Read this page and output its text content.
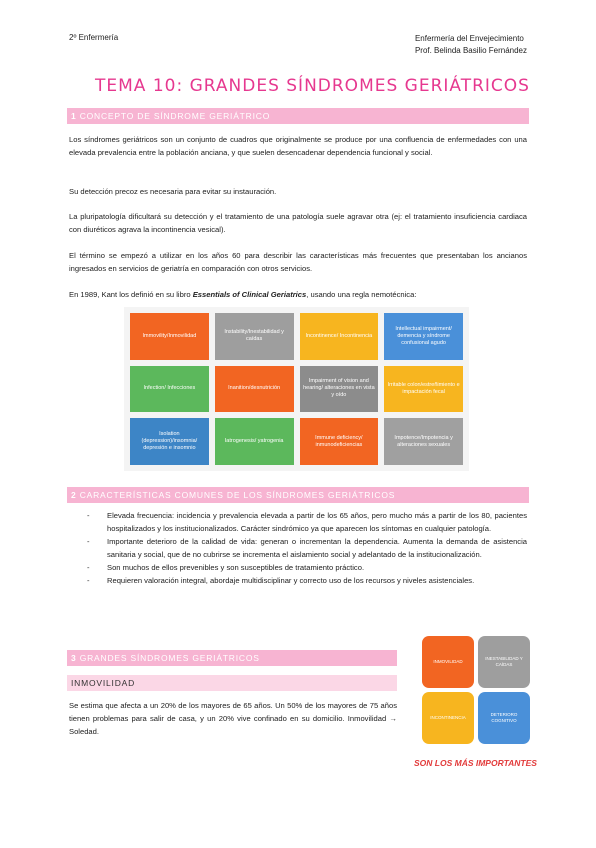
2º Enfermería	Enfermería del Envejecimiento
Prof. Belinda Basilio Fernández
TEMA 10: GRANDES SÍNDROMES GERIÁTRICOS
1 CONCEPTO DE SÍNDROME GERIÁTRICO
Los síndromes geriátricos son un conjunto de cuadros que originalmente se produce por una confluencia de enfermedades con una elevada prevalencia entre la población anciana, y que suelen desencadenar dependencia funcional y social.
Su detección precoz es necesaria para evitar su instauración.
La pluripatología dificultará su detección y el tratamiento de una patología suele agravar otra (ej: el tratamiento insuficiencia cardiaca con diuréticos agrava la incontinencia vesical).
El término se empezó a utilizar en los años 60 para describir las características más frecuentes que presentaban los ancianos ingresados en servicios de geriatría en comparación con otros servicios.
En 1989, Kant los definió en su libro Essentials of Clinical Geriatrics, usando una regla nemotécnica:
Immovility/Inmovilidad
Instability/Inestabilidad y caídas
Incontinence/ Incontinencia
Intellectual impairment/ demencia y síndrome confusional agudo
Infection/ Infecciones	Inanition/desnutrición
Impairment of vision and hearing/ alteraciones en vista y oído
Irritable colon/estreñimiento e impactación fecal
Isolation (depression)/insomnia/ depresión e insomnio
Iatrogenesis/ yatrogenia
Immune deficiency/ inmunodeficiencias
Impotence/Impotencia y alteraciones sexuales
2 CARACTERÍSTICAS COMUNES DE LOS SÍNDROMES GERIÁTRICOS
- Elevada frecuencia: incidencia y prevalencia elevada a partir de los 65 años, pero mucho más a partir de los 80, pacientes hospitalizados y los institucionalizados. Carácter sindrómico ya que aparecen los síntomas en cualquier patología.
- Importante deterioro de la calidad de vida: generan o incrementan la dependencia. Aumenta la demanda de asistencia sanitaria y social, que de no cubrirse se incrementa el aislamiento social y adelantado de la institucionalización.
- Son muchos de ellos prevenibles y son susceptibles de tratamiento práctico.
- Requieren valoración integral, abordaje multidisciplinar y correcto uso de los recursos y niveles asistenciales.
3 GRANDES SÍNDROMES GERIÁTRICOS
INMOVILIDAD
Se estima que afecta a un 20% de los mayores de 65 años. Un 50% de los mayores de 75 años tienen problemas para salir de casa, y un 20% vive confinado en su domicilio. Inmovilidad → Soledad.
INMOVILIDAD
INESTABILIDAD Y CAÍDAS
INCONTINENCIA
DETERIORO COGNITIVO
SON LOS MÁS IMPORTANTES
